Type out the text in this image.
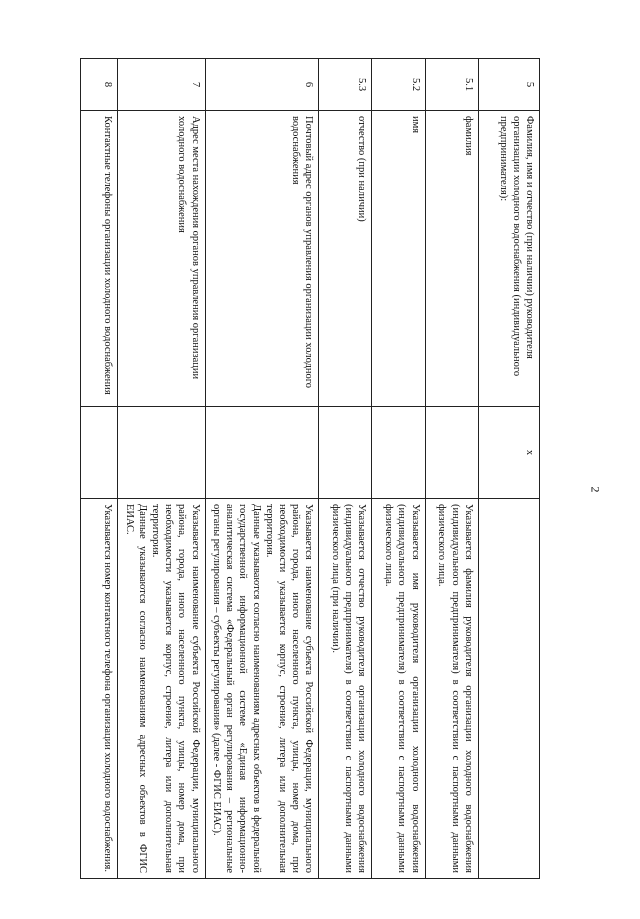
2
5	Фамилия, имя и отчество (при наличии) руководителя организации холодного водоснабжения (индивидуального предпринимателя):	x	
5.1	фамилия		Указывается фамилия руководителя организации холодного водоснабжения (индивидуального предпринимателя) в соответствии с паспортными данными физического лица.

5.2	имя		Указывается имя руководителя организации холодного водоснабжения (индивидуального предпринимателя) в соответствии с паспортными данными физического лица.

5.3	отчество (при наличии)		Указывается отчество руководителя организации холодного водоснабжения (индивидуального предпринимателя) в соответствии с паспортными данными физического лица (при наличии).

6	Почтовый адрес органов управления организации холодного водоснабжения		Указывается наименование субъекта Российской Федерации, муниципального района, города, иного населенного пункта, улицы, номер дома, при необходимости указывается корпус, строение, литера или дополнительная территория.
Данные указываются согласно наименованиям адресных объектов в федеральной государственной информационной системе «Единая информационно-аналитическая система «Федеральный орган регулирования – региональные органы регулирования – субъекты регулирования» (далее - ФГИС ЕИАС).

7	Адрес места нахождения органов управления организации холодного водоснабжения		Указывается наименование субъекта Российской Федерации, муниципального района, города, иного населенного пункта, улицы, номер дома, при необходимости указывается корпус, строение, литера или дополнительная территория.
Данные указываются согласно наименованиям адресных объектов в ФГИС ЕИАС.

8	Контактные телефоны организации холодного водоснабжения		Указывается номер контактного телефона организации холодного водоснабжения.
